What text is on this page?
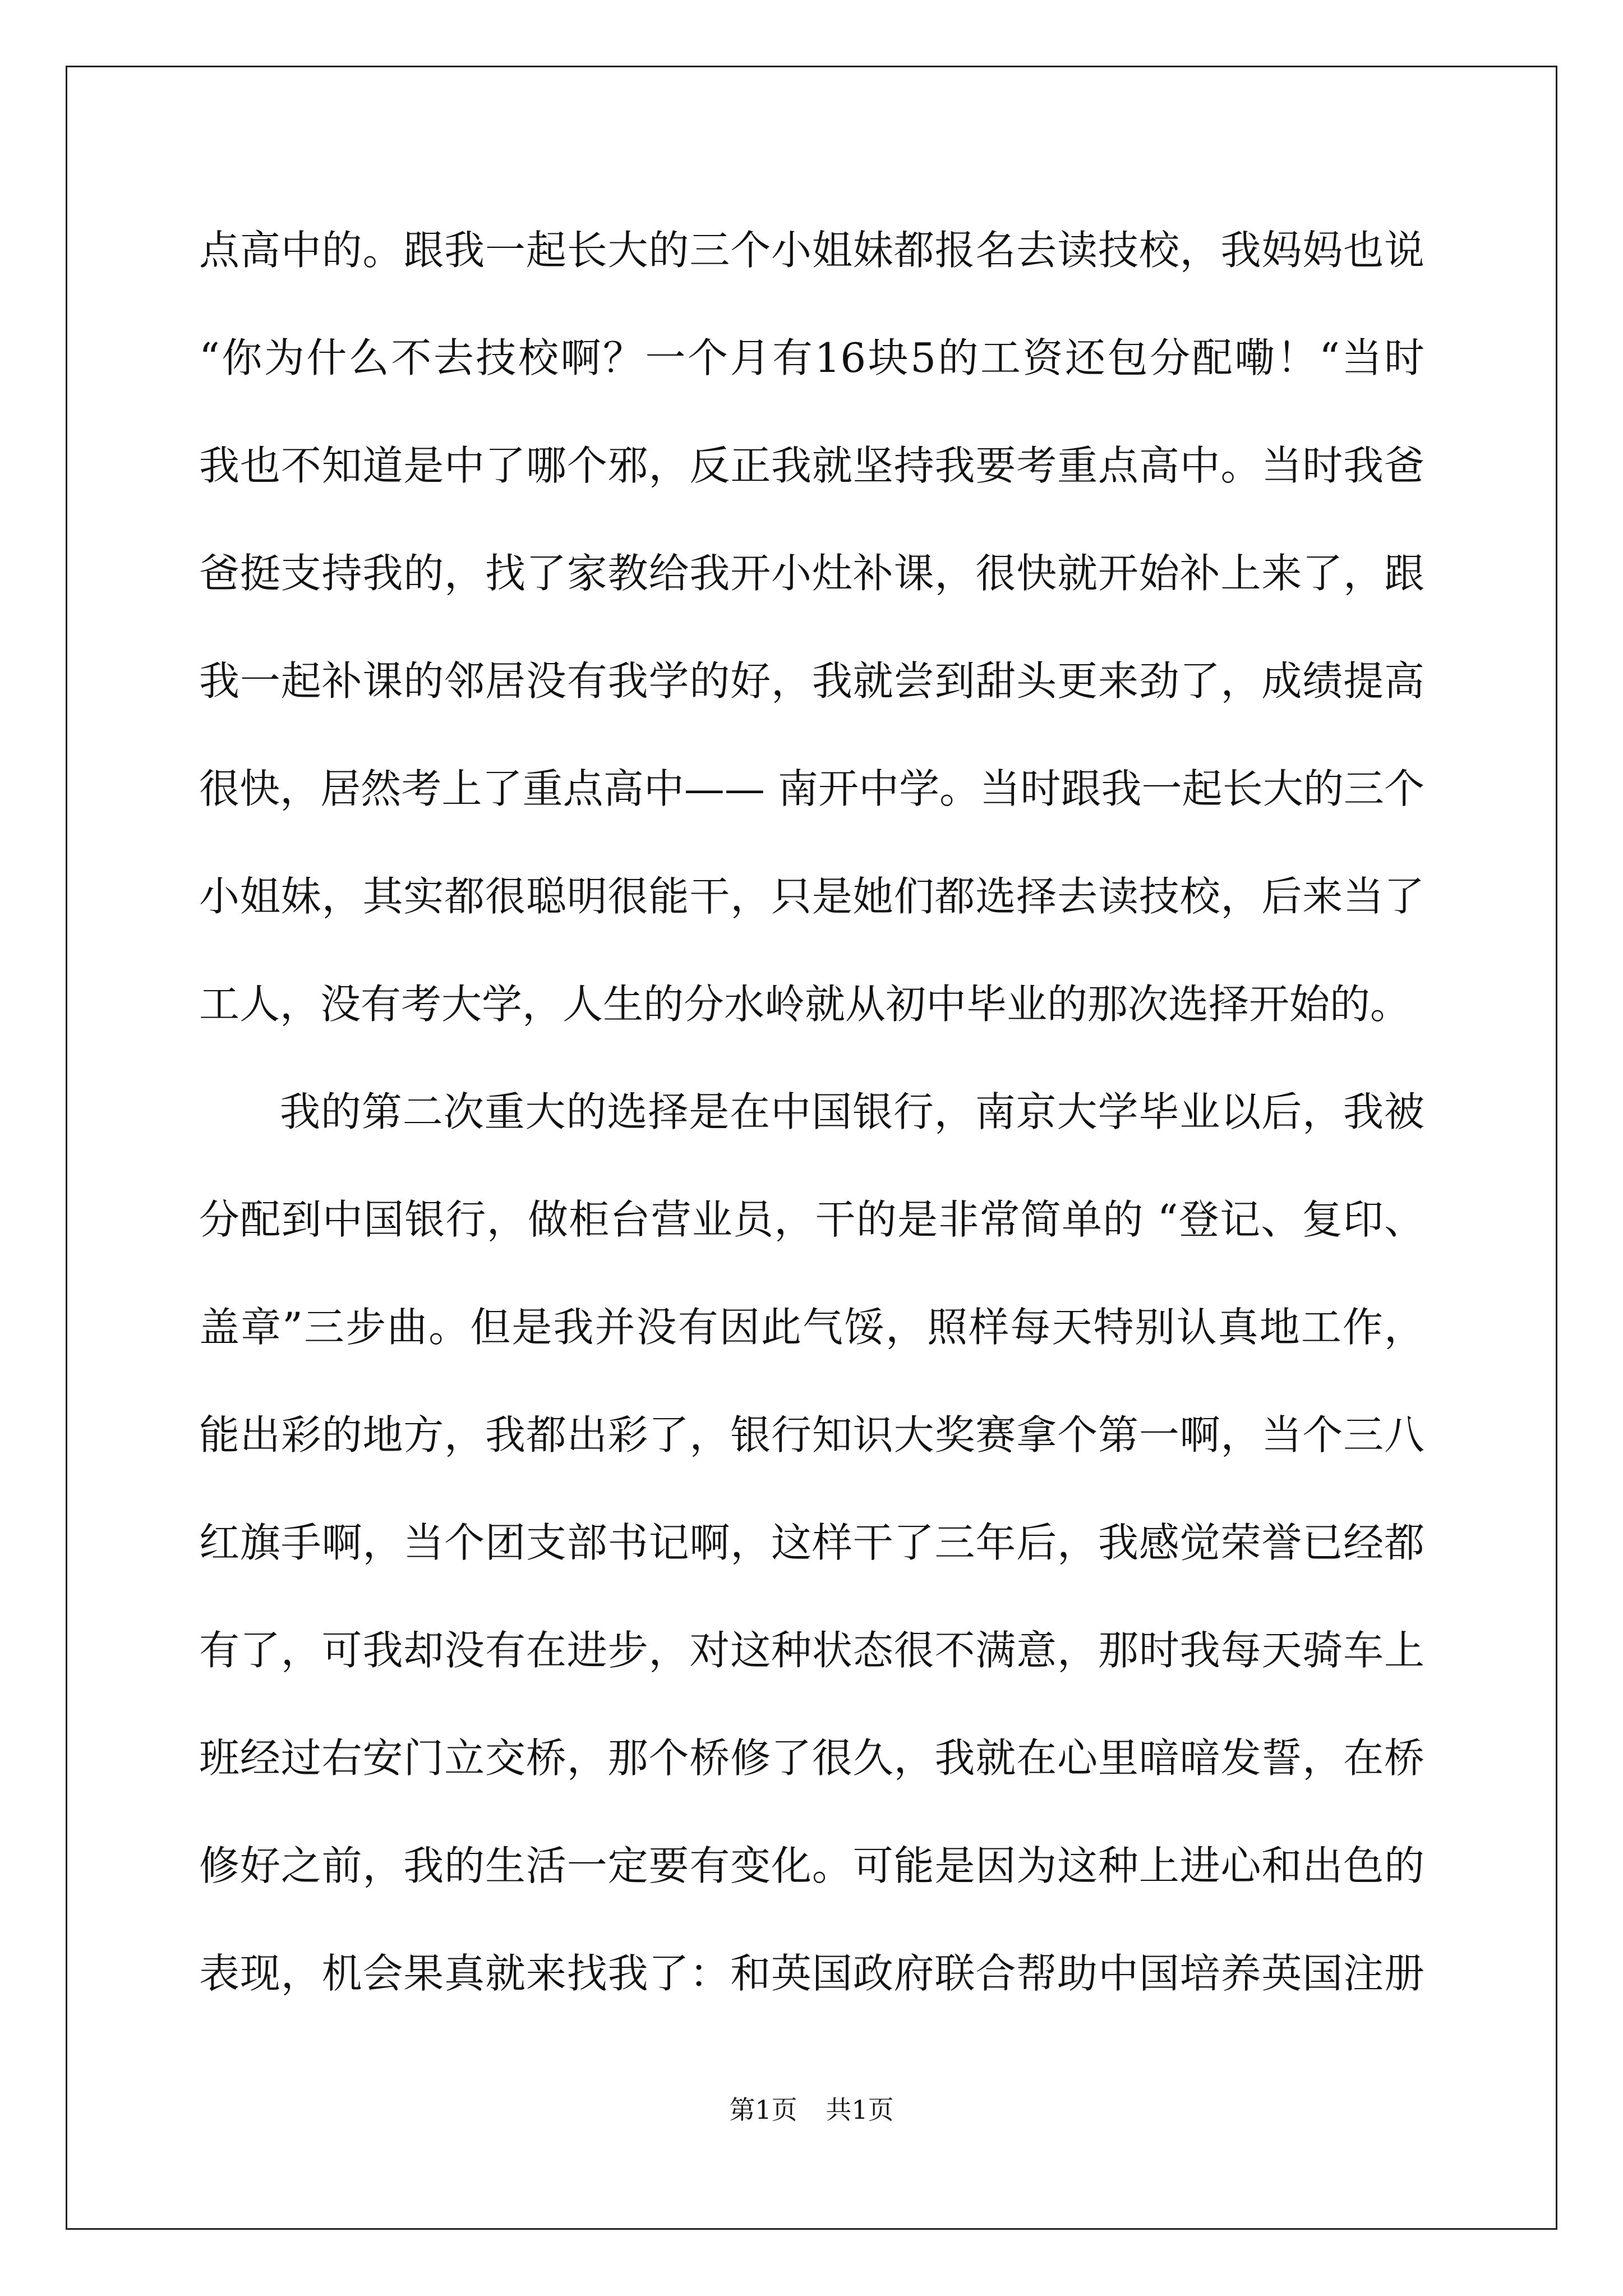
点高中的。跟我一起长大的三个小姐妹都报名去读技校，我妈妈也说
“你为什么不去技校啊？一个月有16块5的工资还包分配嘞！“当时
我也不知道是中了哪个邪，反正我就坚持我要考重点高中。当时我爸
爸挺支持我的，找了家教给我开小灶补课，很快就开始补上来了，跟
我一起补课的邻居没有我学的好，我就尝到甜头更来劲了，成绩提高
很快，居然考上了重点高中—— 南开中学。当时跟我一起长大的三个
小姐妹，其实都很聪明很能干，只是她们都选择去读技校，后来当了
工人，没有考大学，人生的分水岭就从初中毕业的那次选择开始的。
我的第二次重大的选择是在中国银行，南京大学毕业以后，我被
分配到中国银行，做柜台营业员，干的是非常简单的 “登记、复印、
盖章”三步曲。但是我并没有因此气馁，照样每天特别认真地工作，
能出彩的地方，我都出彩了，银行知识大奖赛拿个第一啊，当个三八
红旗手啊，当个团支部书记啊，这样干了三年后，我感觉荣誉已经都
有了，可我却没有在进步，对这种状态很不满意，那时我每天骑车上
班经过右安门立交桥，那个桥修了很久，我就在心里暗暗发誓，在桥
修好之前，我的生活一定要有变化。可能是因为这种上进心和出色的
表现，机会果真就来找我了：和英国政府联合帮助中国培养英国注册
第1页 共1页
